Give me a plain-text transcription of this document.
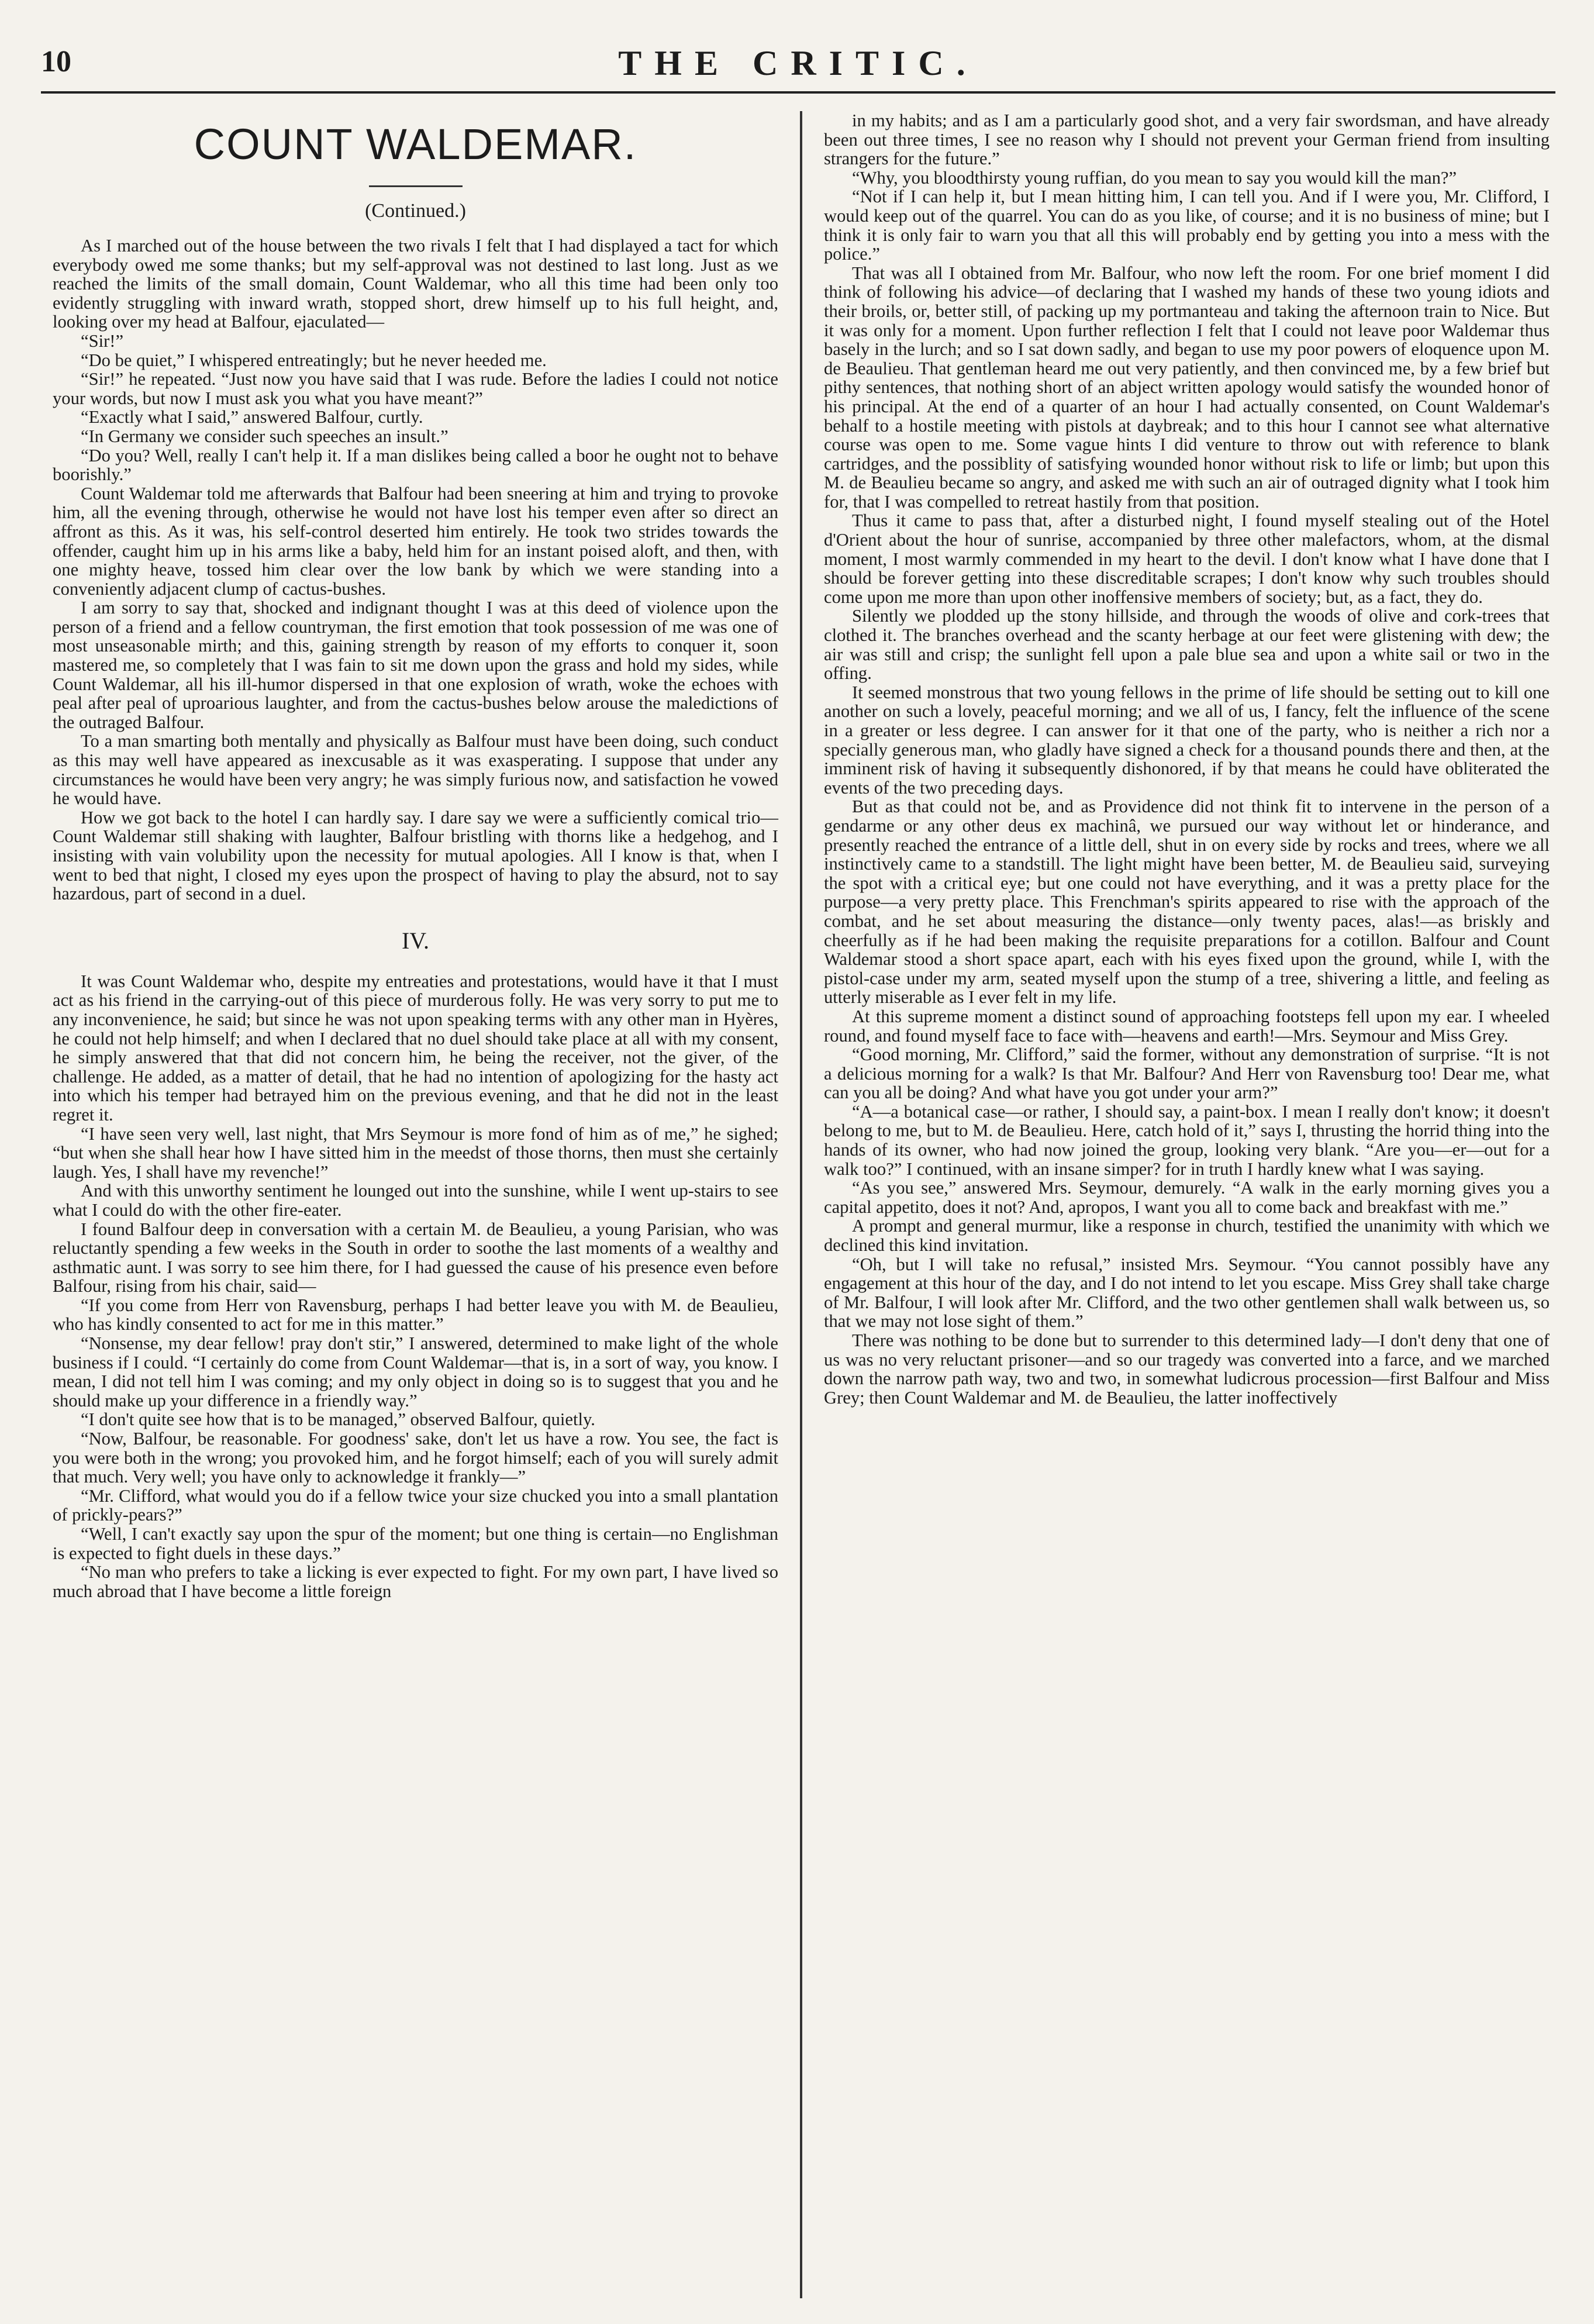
10	THE CRITIC.
COUNT WALDEMAR.
(Continued.)

As I marched out of the house between the two rivals I felt that I had displayed a tact for which everybody owed me some thanks; but my self-approval was not destined to last long. Just as we reached the limits of the small domain, Count Waldemar, who all this time had been only too evidently struggling with inward wrath, stopped short, drew himself up to his full height, and, looking over my head at Balfour, ejaculated—

“Sir!”

“Do be quiet,” I whispered entreatingly; but he never heeded me.

“Sir!” he repeated. “Just now you have said that I was rude. Before the ladies I could not notice your words, but now I must ask you what you have meant?”

“Exactly what I said,” answered Balfour, curtly.

“In Germany we consider such speeches an insult.”

“Do you? Well, really I can't help it. If a man dislikes being called a boor he ought not to behave boorishly.”

Count Waldemar told me afterwards that Balfour had been sneering at him and trying to provoke him, all the evening through, otherwise he would not have lost his temper even after so direct an affront as this. As it was, his self-control deserted him entirely. He took two strides towards the offender, caught him up in his arms like a baby, held him for an instant poised aloft, and then, with one mighty heave, tossed him clear over the low bank by which we were standing into a conveniently adjacent clump of cactus-bushes.

I am sorry to say that, shocked and indignant thought I was at this deed of violence upon the person of a friend and a fellow countryman, the first emotion that took possession of me was one of most unseasonable mirth; and this, gaining strength by reason of my efforts to conquer it, soon mastered me, so completely that I was fain to sit me down upon the grass and hold my sides, while Count Waldemar, all his ill-humor dispersed in that one explosion of wrath, woke the echoes with peal after peal of uproarious laughter, and from the cactus-bushes below arouse the maledictions of the outraged Balfour.

To a man smarting both mentally and physically as Balfour must have been doing, such conduct as this may well have appeared as inexcusable as it was exasperating. I suppose that under any circumstances he would have been very angry; he was simply furious now, and satisfaction he vowed he would have.

How we got back to the hotel I can hardly say. I dare say we were a sufficiently comical trio—Count Waldemar still shaking with laughter, Balfour bristling with thorns like a hedgehog, and I insisting with vain volubility upon the necessity for mutual apologies. All I know is that, when I went to bed that night, I closed my eyes upon the prospect of having to play the absurd, not to say hazardous, part of second in a duel.

IV.

It was Count Waldemar who, despite my entreaties and protestations, would have it that I must act as his friend in the carrying-out of this piece of murderous folly. He was very sorry to put me to any inconvenience, he said; but since he was not upon speaking terms with any other man in Hyères, he could not help himself; and when I declared that no duel should take place at all with my consent, he simply answered that that did not concern him, he being the receiver, not the giver, of the challenge. He added, as a matter of detail, that he had no intention of apologizing for the hasty act into which his temper had betrayed him on the previous evening, and that he did not in the least regret it.

“I have seen very well, last night, that Mrs Seymour is more fond of him as of me,” he sighed; “but when she shall hear how I have sitted him in the meedst of those thorns, then must she certainly laugh. Yes, I shall have my revenche!”

And with this unworthy sentiment he lounged out into the sunshine, while I went up-stairs to see what I could do with the other fire-eater.

I found Balfour deep in conversation with a certain M. de Beaulieu, a young Parisian, who was reluctantly spending a few weeks in the South in order to soothe the last moments of a wealthy and asthmatic aunt. I was sorry to see him there, for I had guessed the cause of his presence even before Balfour, rising from his chair, said—

“If you come from Herr von Ravensburg, perhaps I had better leave you with M. de Beaulieu, who has kindly consented to act for me in this matter.”

“Nonsense, my dear fellow! pray don't stir,” I answered, determined to make light of the whole business if I could. “I certainly do come from Count Waldemar—that is, in a sort of way, you know. I mean, I did not tell him I was coming; and my only object in doing so is to suggest that you and he should make up your difference in a friendly way.”

“I don't quite see how that is to be managed,” observed Balfour, quietly.

“Now, Balfour, be reasonable. For goodness' sake, don't let us have a row. You see, the fact is you were both in the wrong; you provoked him, and he forgot himself; each of you will surely admit that much. Very well; you have only to acknowledge it frankly—”

“Mr. Clifford, what would you do if a fellow twice your size chucked you into a small plantation of prickly-pears?”

“Well, I can't exactly say upon the spur of the moment; but one thing is certain—no Englishman is expected to fight duels in these days.”

“No man who prefers to take a licking is ever expected to fight. For my own part, I have lived so much abroad that I have become a little foreign

in my habits; and as I am a particularly good shot, and a very fair swordsman, and have already been out three times, I see no reason why I should not prevent your German friend from insulting strangers for the future.”

“Why, you bloodthirsty young ruffian, do you mean to say you would kill the man?”

“Not if I can help it, but I mean hitting him, I can tell you. And if I were you, Mr. Clifford, I would keep out of the quarrel. You can do as you like, of course; and it is no business of mine; but I think it is only fair to warn you that all this will probably end by getting you into a mess with the police.”

That was all I obtained from Mr. Balfour, who now left the room. For one brief moment I did think of following his advice—of declaring that I washed my hands of these two young idiots and their broils, or, better still, of packing up my portmanteau and taking the afternoon train to Nice. But it was only for a moment. Upon further reflection I felt that I could not leave poor Waldemar thus basely in the lurch; and so I sat down sadly, and began to use my poor powers of eloquence upon M. de Beaulieu. That gentleman heard me out very patiently, and then convinced me, by a few brief but pithy sentences, that nothing short of an abject written apology would satisfy the wounded honor of his principal. At the end of a quarter of an hour I had actually consented, on Count Waldemar's behalf to a hostile meeting with pistols at daybreak; and to this hour I cannot see what alternative course was open to me. Some vague hints I did venture to throw out with reference to blank cartridges, and the possiblity of satisfying wounded honor without risk to life or limb; but upon this M. de Beaulieu became so angry, and asked me with such an air of outraged dignity what I took him for, that I was compelled to retreat hastily from that position.

Thus it came to pass that, after a disturbed night, I found myself stealing out of the Hotel d'Orient about the hour of sunrise, accompanied by three other malefactors, whom, at the dismal moment, I most warmly commended in my heart to the devil. I don't know what I have done that I should be forever getting into these discreditable scrapes; I don't know why such troubles should come upon me more than upon other inoffensive members of society; but, as a fact, they do.

Silently we plodded up the stony hillside, and through the woods of olive and cork-trees that clothed it. The branches overhead and the scanty herbage at our feet were glistening with dew; the air was still and crisp; the sunlight fell upon a pale blue sea and upon a white sail or two in the offing.

It seemed monstrous that two young fellows in the prime of life should be setting out to kill one another on such a lovely, peaceful morning; and we all of us, I fancy, felt the influence of the scene in a greater or less degree. I can answer for it that one of the party, who is neither a rich nor a specially generous man, who gladly have signed a check for a thousand pounds there and then, at the imminent risk of having it subsequently dishonored, if by that means he could have obliterated the events of the two preceding days.

But as that could not be, and as Providence did not think fit to intervene in the person of a gendarme or any other deus ex machinâ, we pursued our way without let or hinderance, and presently reached the entrance of a little dell, shut in on every side by rocks and trees, where we all instinctively came to a standstill. The light might have been better, M. de Beaulieu said, surveying the spot with a critical eye; but one could not have everything, and it was a pretty place for the purpose—a very pretty place. This Frenchman's spirits appeared to rise with the approach of the combat, and he set about measuring the distance—only twenty paces, alas!—as briskly and cheerfully as if he had been making the requisite preparations for a cotillon. Balfour and Count Waldemar stood a short space apart, each with his eyes fixed upon the ground, while I, with the pistol-case under my arm, seated myself upon the stump of a tree, shivering a little, and feeling as utterly miserable as I ever felt in my life.

At this supreme moment a distinct sound of approaching footsteps fell upon my ear. I wheeled round, and found myself face to face with—heavens and earth!—Mrs. Seymour and Miss Grey.

“Good morning, Mr. Clifford,” said the former, without any demonstration of surprise. “It is not a delicious morning for a walk? Is that Mr. Balfour? And Herr von Ravensburg too! Dear me, what can you all be doing? And what have you got under your arm?”

“A—a botanical case—or rather, I should say, a paint-box. I mean I really don't know; it doesn't belong to me, but to M. de Beaulieu. Here, catch hold of it,” says I, thrusting the horrid thing into the hands of its owner, who had now joined the group, looking very blank. “Are you—er—out for a walk too?” I continued, with an insane simper? for in truth I hardly knew what I was saying.

“As you see,” answered Mrs. Seymour, demurely. “A walk in the early morning gives you a capital appetito, does it not? And, apropos, I want you all to come back and breakfast with me.”

A prompt and general murmur, like a response in church, testified the unanimity with which we declined this kind invitation.

“Oh, but I will take no refusal,” insisted Mrs. Seymour. “You cannot possibly have any engagement at this hour of the day, and I do not intend to let you escape. Miss Grey shall take charge of Mr. Balfour, I will look after Mr. Clifford, and the two other gentlemen shall walk between us, so that we may not lose sight of them.”

There was nothing to be done but to surrender to this determined lady—I don't deny that one of us was no very reluctant prisoner—and so our tragedy was converted into a farce, and we marched down the narrow path way, two and two, in somewhat ludicrous procession—first Balfour and Miss Grey; then Count Waldemar and M. de Beaulieu, the latter inoffectively
